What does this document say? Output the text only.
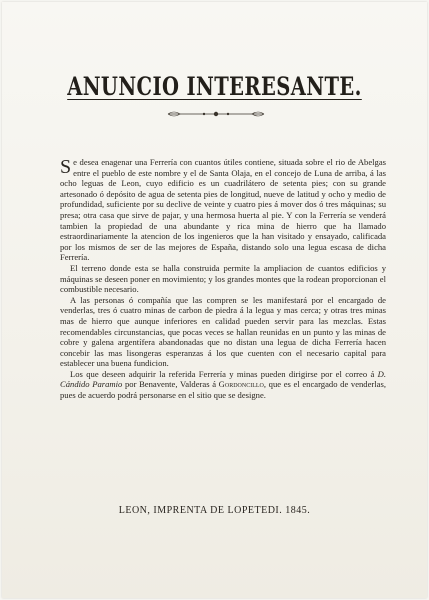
ANUNCIO INTERESANTE.

Se desea enagenar una Ferrería con cuantos útiles contiene, situada sobre el rio de Abelgas entre el pueblo de este nombre y el de Santa Olaja, en el concejo de Luna de arriba, á las ocho leguas de Leon, cuyo edificio es un cuadrilátero de setenta pies; con su grande artesonado ó depósito de agua de setenta pies de longitud, nueve de latitud y ocho y medio de profundidad, suficiente por su declive de veinte y cuatro pies á mover dos ó tres máquinas; su presa; otra casa que sirve de pajar, y una hermosa huerta al pie. Y con la Ferrería se venderá tambien la propiedad de una abundante y rica mina de hierro que ha llamado estraordinariamente la atencion de los ingenieros que la han visitado y ensayado, calificada por los mismos de ser de las mejores de España, distando solo una legua escasa de dicha Ferrería.

El terreno donde esta se halla construida permite la ampliacion de cuantos edificios y máquinas se deseen poner en movimiento; y los grandes montes que la rodean proporcionan el combustible necesario.

A las personas ó compañía que las compren se les manifestará por el encargado de venderlas, tres ó cuatro minas de carbon de piedra á la legua y mas cerca; y otras tres minas mas de hierro que aunque inferiores en calidad pueden servir para las mezclas. Estas recomendables circunstancias, que pocas veces se hallan reunidas en un punto y las minas de cobre y galena argentífera abandonadas que no distan una legua de dicha Ferrería hacen concebir las mas lisongeras esperanzas á los que cuenten con el necesario capital para establecer una buena fundicion.

Los que deseen adquirir la referida Ferrería y minas pueden dirigirse por el correo á D. Cándido Paramio por Benavente, Valderas á Gordoncillo, que es el encargado de venderlas, pues de acuerdo podrá personarse en el sitio que se designe.

LEON, IMPRENTA DE LOPETEDI. 1845.
